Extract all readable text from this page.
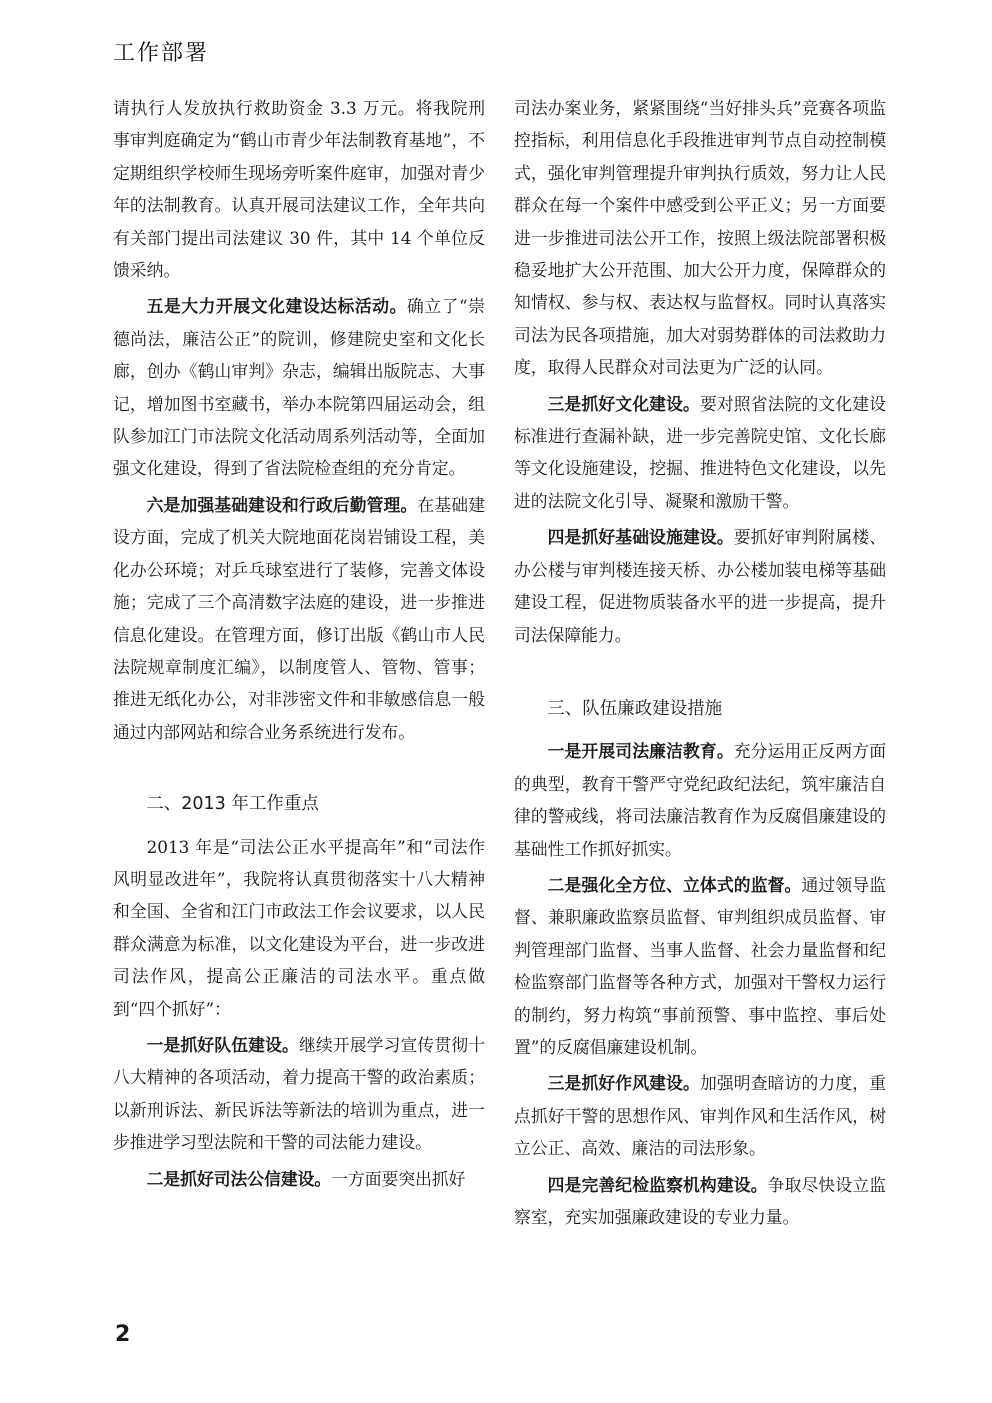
工作部署

请执行人发放执行救助资金 3.3 万元。将我院刑事审判庭确定为“鹤山市青少年法制教育基地”，不定期组织学校师生现场旁听案件庭审，加强对青少年的法制教育。认真开展司法建议工作，全年共向有关部门提出司法建议 30 件，其中 14 个单位反馈采纳。

五是大力开展文化建设达标活动。确立了“崇德尚法，廉洁公正”的院训，修建院史室和文化长廊，创办《鹤山审判》杂志，编辑出版院志、大事记，增加图书室藏书，举办本院第四届运动会，组队参加江门市法院文化活动周系列活动等，全面加强文化建设，得到了省法院检查组的充分肯定。

六是加强基础建设和行政后勤管理。在基础建设方面，完成了机关大院地面花岗岩铺设工程，美化办公环境；对乒乓球室进行了装修，完善文体设施；完成了三个高清数字法庭的建设，进一步推进信息化建设。在管理方面，修订出版《鹤山市人民法院规章制度汇编》，以制度管人、管物、管事；推进无纸化办公，对非涉密文件和非敏感信息一般通过内部网站和综合业务系统进行发布。

二、2013 年工作重点

2013 年是“司法公正水平提高年”和“司法作风明显改进年”，我院将认真贯彻落实十八大精神和全国、全省和江门市政法工作会议要求，以人民群众满意为标准，以文化建设为平台，进一步改进司法作风，提高公正廉洁的司法水平。重点做到“四个抓好”：

一是抓好队伍建设。继续开展学习宣传贯彻十八大精神的各项活动，着力提高干警的政治素质；以新刑诉法、新民诉法等新法的培训为重点，进一步推进学习型法院和干警的司法能力建设。

二是抓好司法公信建设。一方面要突出抓好

司法办案业务，紧紧围绕“当好排头兵”竞赛各项监控指标，利用信息化手段推进审判节点自动控制模式，强化审判管理提升审判执行质效，努力让人民群众在每一个案件中感受到公平正义；另一方面要进一步推进司法公开工作，按照上级法院部署积极稳妥地扩大公开范围、加大公开力度，保障群众的知情权、参与权、表达权与监督权。同时认真落实司法为民各项措施，加大对弱势群体的司法救助力度，取得人民群众对司法更为广泛的认同。

三是抓好文化建设。要对照省法院的文化建设标准进行查漏补缺，进一步完善院史馆、文化长廊等文化设施建设，挖掘、推进特色文化建设，以先进的法院文化引导、凝聚和激励干警。

四是抓好基础设施建设。要抓好审判附属楼、办公楼与审判楼连接天桥、办公楼加装电梯等基础建设工程，促进物质装备水平的进一步提高，提升司法保障能力。

三、队伍廉政建设措施

一是开展司法廉洁教育。充分运用正反两方面的典型，教育干警严守党纪政纪法纪，筑牢廉洁自律的警戒线，将司法廉洁教育作为反腐倡廉建设的基础性工作抓好抓实。

二是强化全方位、立体式的监督。通过领导监督、兼职廉政监察员监督、审判组织成员监督、审判管理部门监督、当事人监督、社会力量监督和纪检监察部门监督等各种方式，加强对干警权力运行的制约，努力构筑“事前预警、事中监控、事后处置”的反腐倡廉建设机制。

三是抓好作风建设。加强明查暗访的力度，重点抓好干警的思想作风、审判作风和生活作风，树立公正、高效、廉洁的司法形象。

四是完善纪检监察机构建设。争取尽快设立监察室，充实加强廉政建设的专业力量。

2
